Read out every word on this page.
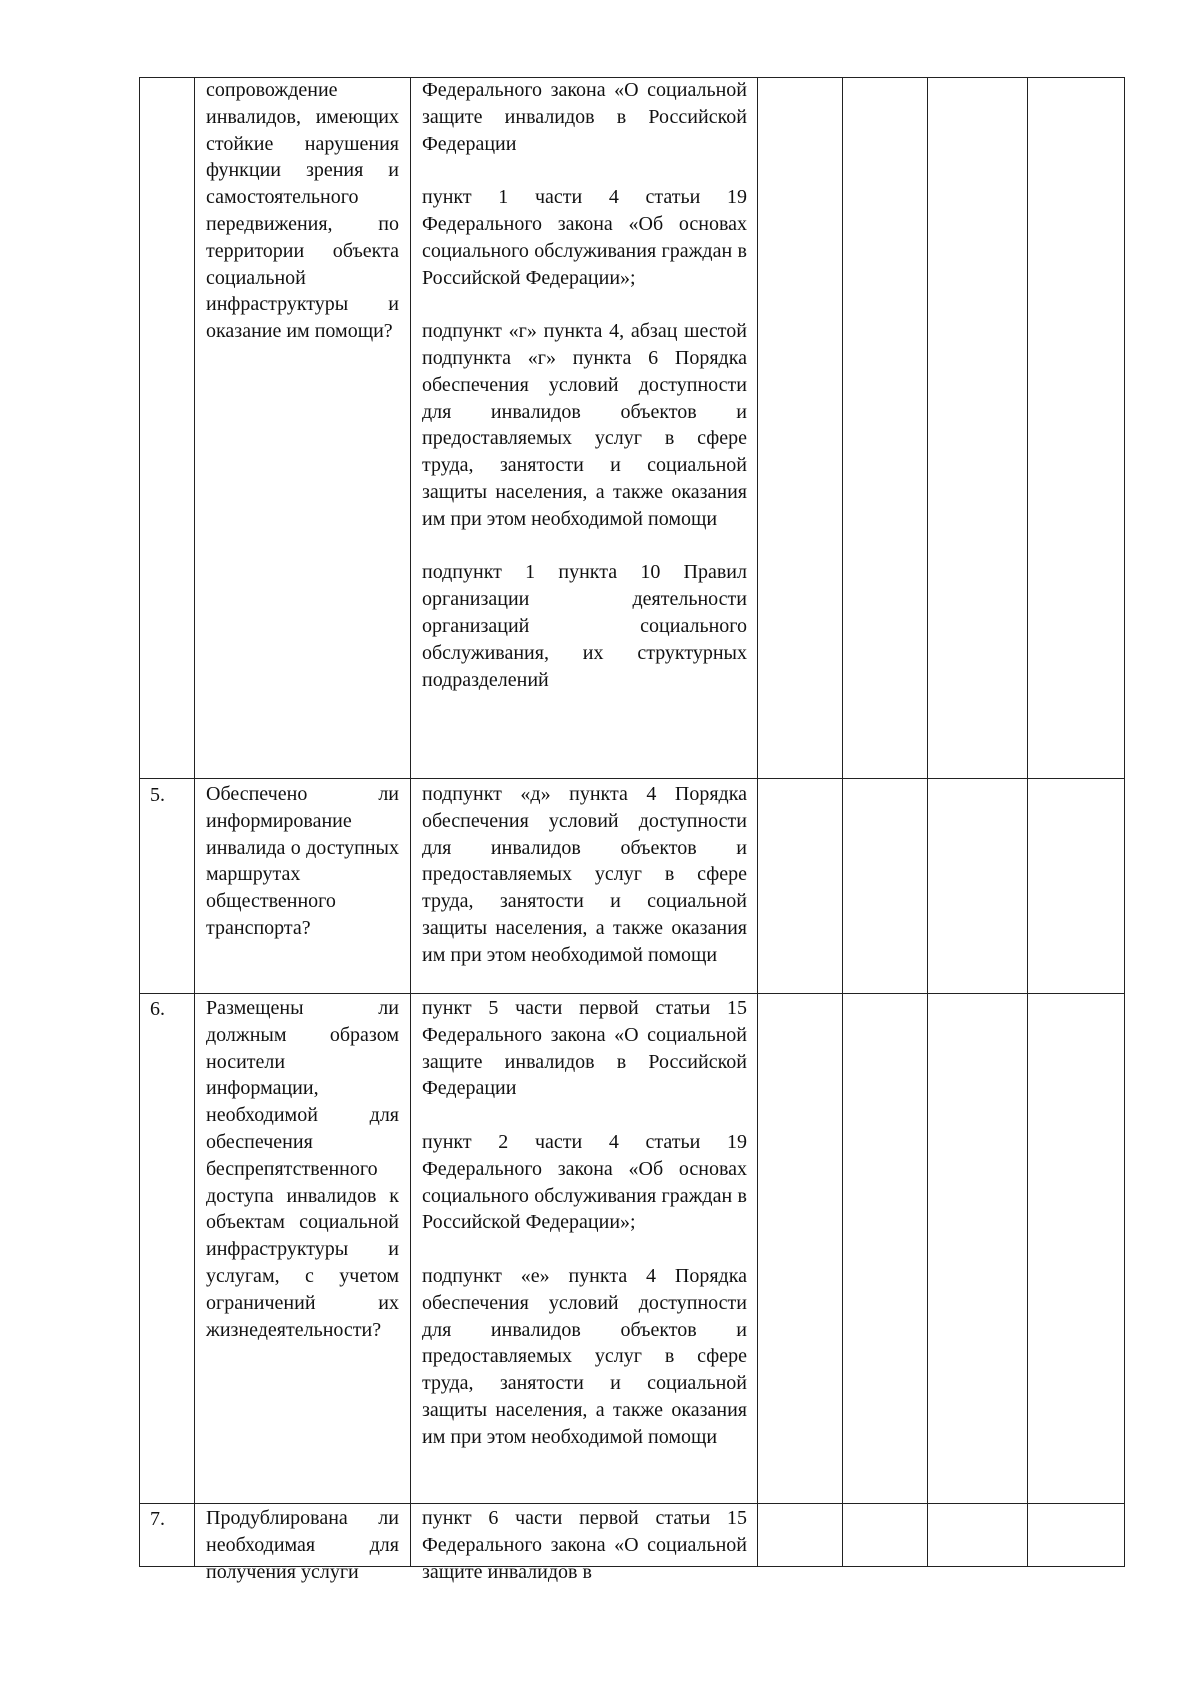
сопровождение инвалидов, имеющих стойкие нарушения функции зрения и самостоятельного передвижения, по территории объекта социальной инфраструктуры и оказание им помощи?
Федерального закона «О социальной защите инвалидов в Российской Федерации
пункт 1 части 4 статьи 19 Федерального закона «Об основах социального обслуживания граждан в Российской Федерации»;
подпункт «г» пункта 4, абзац шестой подпункта «г» пункта 6 Порядка обеспечения условий доступности для инвалидов объектов и предоставляемых услуг в сфере труда, занятости и социальной защиты населения, а также оказания им при этом необходимой помощи
подпункт 1 пункта 10 Правил организации деятельности организаций социального обслуживания, их структурных подразделений
5. Обеспечено ли информирование инвалида о доступных маршрутах общественного транспорта?
подпункт «д» пункта 4 Порядка обеспечения условий доступности для инвалидов объектов и предоставляемых услуг в сфере труда, занятости и социальной защиты населения, а также оказания им при этом необходимой помощи
6. Размещены ли должным образом носители информации, необходимой для обеспечения беспрепятственного доступа инвалидов к объектам социальной инфраструктуры и услугам, с учетом ограничений их жизнедеятельности?
пункт 5 части первой статьи 15 Федерального закона «О социальной защите инвалидов в Российской Федерации
пункт 2 части 4 статьи 19 Федерального закона «Об основах социального обслуживания граждан в Российской Федерации»;
подпункт «е» пункта 4 Порядка обеспечения условий доступности для инвалидов объектов и предоставляемых услуг в сфере труда, занятости и социальной защиты населения, а также оказания им при этом необходимой помощи
7. Продублирована ли необходимая для получения услуги
пункт 6 части первой статьи 15 Федерального закона «О социальной защите инвалидов в
